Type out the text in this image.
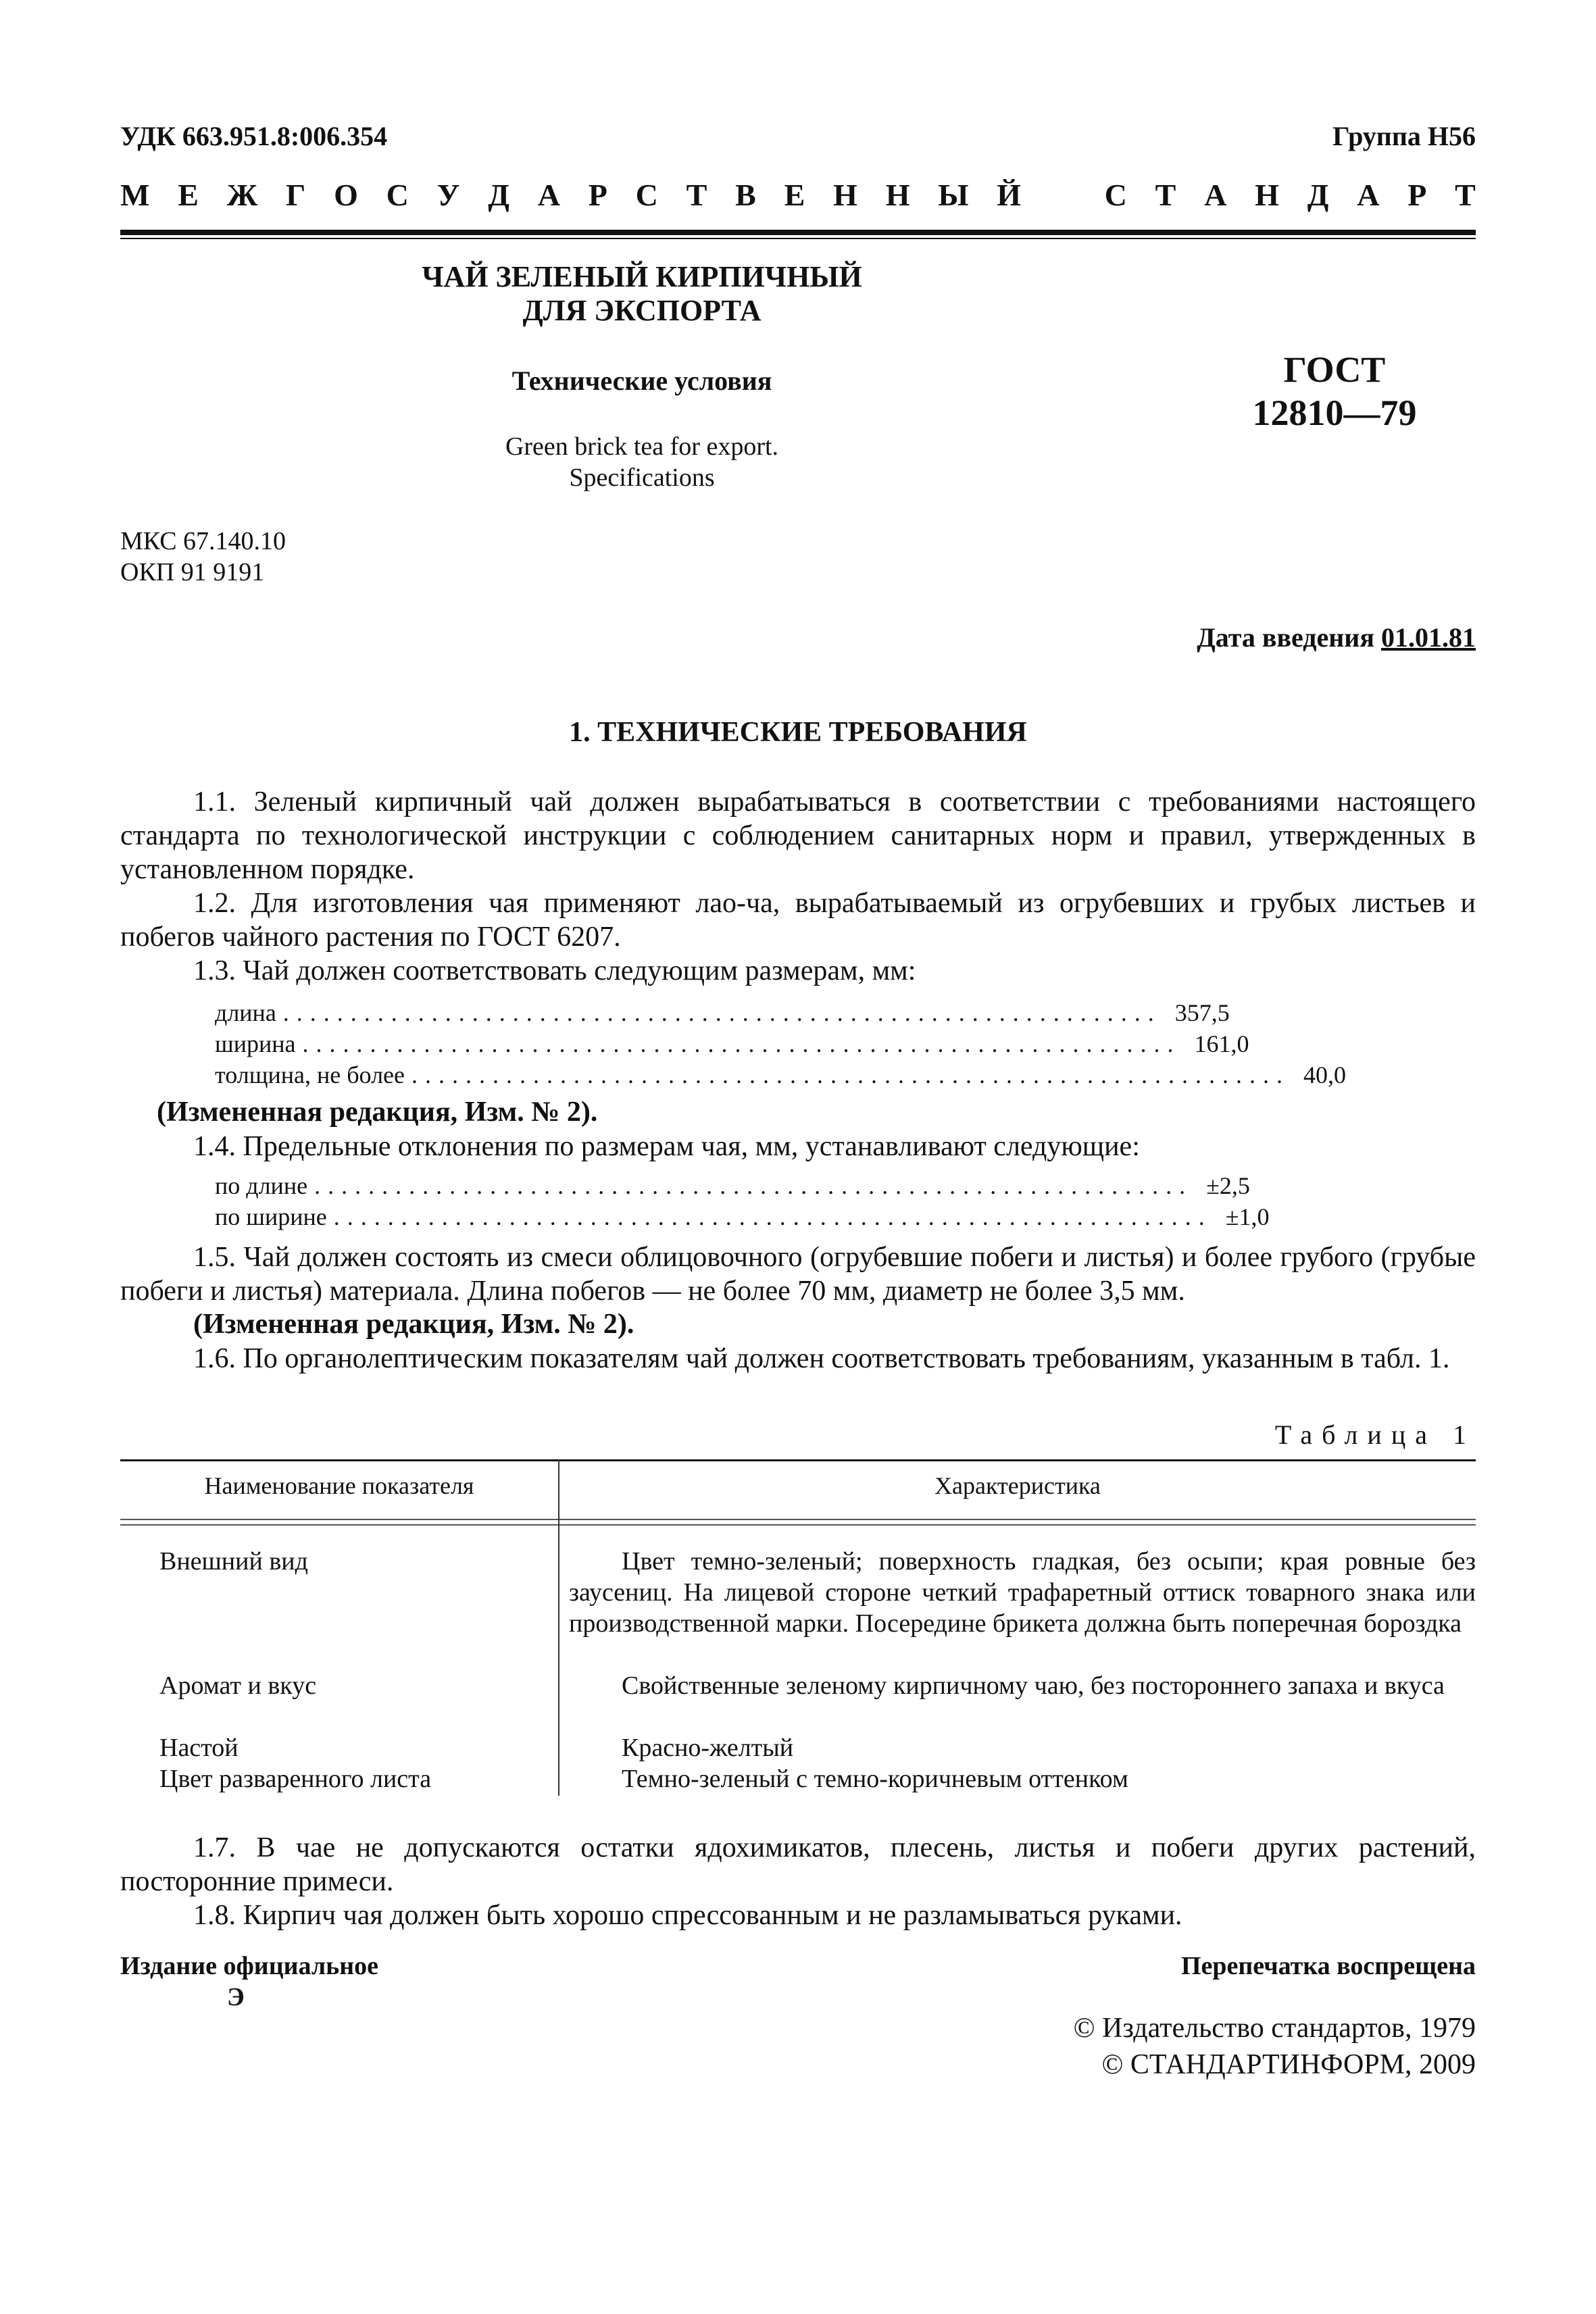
УДК 663.951.8:006.354	Группа Н56
М Е Ж Г О С У Д А Р С Т В Е Н Н Ы Й	С Т А Н Д А Р Т
ЧАЙ ЗЕЛЕНЫЙ КИРПИЧНЫЙ
ДЛЯ ЭКСПОРТА
Технические условия
Green brick tea for export.
Specifications
ГОСТ
12810—79
МКС 67.140.10
ОКП 91 9191
Дата введения 01.01.81
1. ТЕХНИЧЕСКИЕ ТРЕБОВАНИЯ
1.1. Зеленый кирпичный чай должен вырабатываться в соответствии с требованиями настоящего стандарта по технологической инструкции с соблюдением санитарных норм и правил, утвержденных в установленном порядке.
1.2. Для изготовления чая применяют лао-ча, вырабатываемый из огрубевших и грубых листьев и побегов чайного растения по ГОСТ 6207.
1.3. Чай должен соответствовать следующим размерам, мм:
длина ................................................................. 357,5
ширина ................................................................. 161,0
толщина, не более ................................................................. 40,0
(Измененная редакция, Изм. № 2).
1.4. Предельные отклонения по размерам чая, мм, устанавливают следующие:
по длине ................................................................. ±2,5
по ширине ................................................................. ±1,0
1.5. Чай должен состоять из смеси облицовочного (огрубевшие побеги и листья) и более грубого (грубые побеги и листья) материала. Длина побегов — не более 70 мм, диаметр не более 3,5 мм.
(Измененная редакция, Изм. № 2).
1.6. По органолептическим показателям чай должен соответствовать требованиям, указанным в табл. 1.
Таблица 1
Наименование показателя	Характеристика
Внешний вид	Цвет темно-зеленый; поверхность гладкая, без осыпи; края ровные без заусениц. На лицевой стороне четкий трафаретный оттиск товарного знака или производственной марки. Посередине брикета должна быть поперечная бороздка
Аромат и вкус	Свойственные зеленому кирпичному чаю, без постороннего запаха и вкуса
Настой	Красно-желтый
Цвет разваренного листа	Темно-зеленый с темно-коричневым оттенком
1.7. В чае не допускаются остатки ядохимикатов, плесень, листья и побеги других растений, посторонние примеси.
1.8. Кирпич чая должен быть хорошо спрессованным и не разламываться руками.
Издание официальное
Э
Перепечатка воспрещена
© Издательство стандартов, 1979
© СТАНДАРТИНФОРМ, 2009
